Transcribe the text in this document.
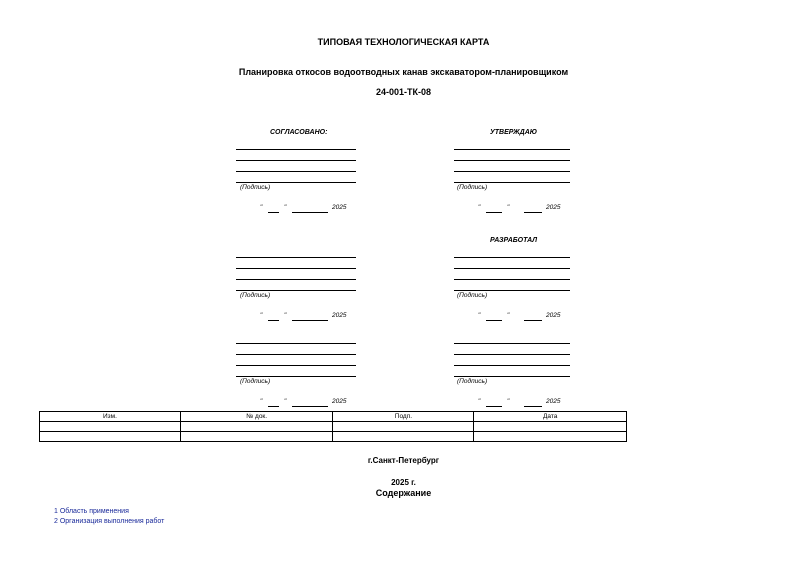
ТИПОВАЯ ТЕХНОЛОГИЧЕСКАЯ КАРТА
Планировка откосов водоотводных канав экскаватором-планировщиком
24-001-ТК-08
СОГЛАСОВАНО:	УТВЕРЖДАЮ
РАЗРАБОТАЛ
(Подпись)	(Подпись)
"	"	2025	"	"	2025
(Подпись)	(Подпись)
"	"	2025	"	"	2025
(Подпись)	(Подпись)
"	"	2025	"	"	2025
Изм.	№ док.	Подп.	Дата

г.Санкт-Петербург
2025 г.
Содержание
1 Область применения
2 Организация выполнения работ
